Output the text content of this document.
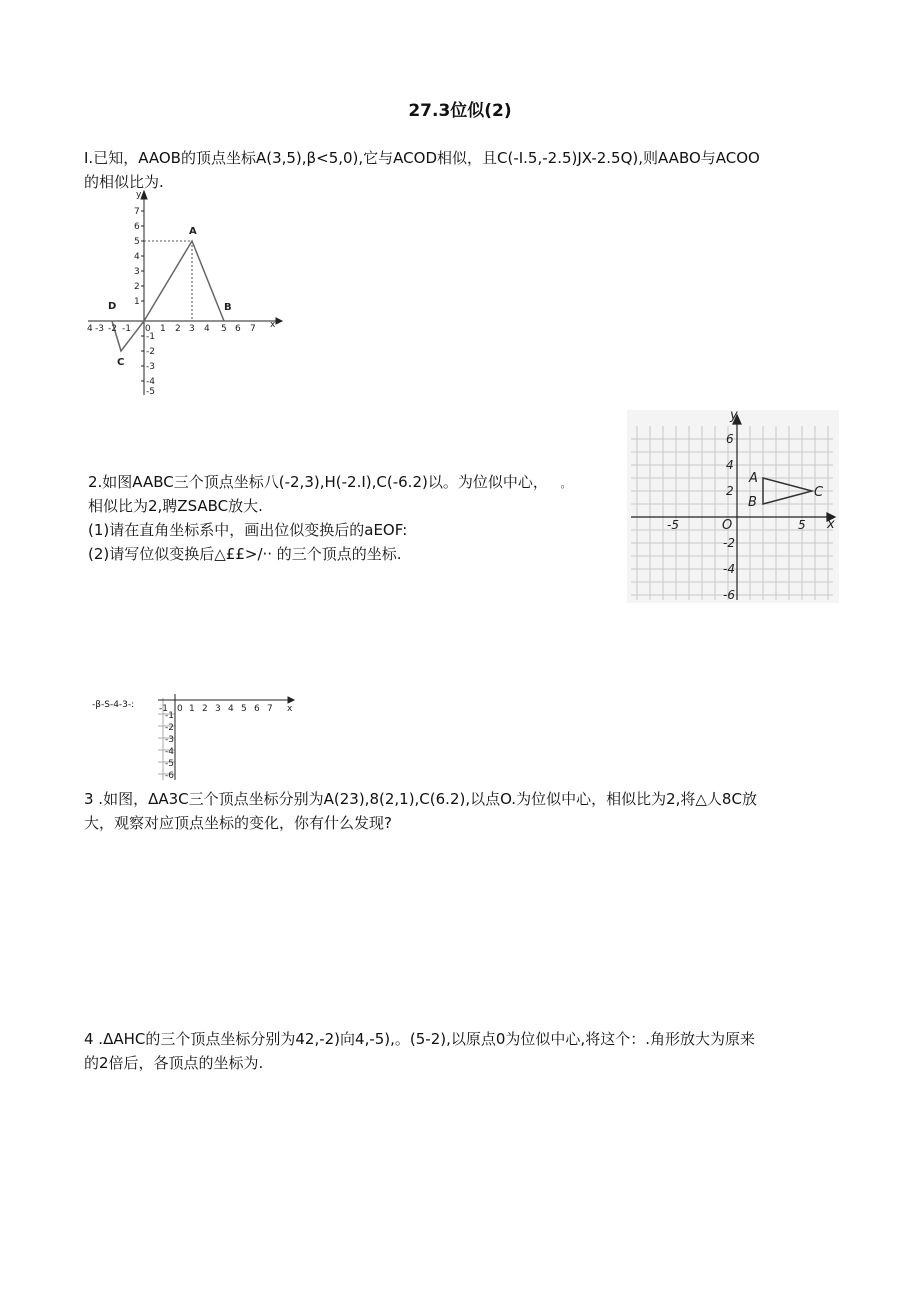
27.3位似(2)
I.已知，AAOB的顶点坐标A(3,5),β<5,0),它与ACOD相似，且C(-I.5,-2.5)JX-2.5Q),则AABO与ACOO
的相似比为.
y
x
7
6
5
4
3
2
1
-1
-2
-3
-4
-5
4 -3 -2 -1 0 1 2 3 4 5 6 7
A
B
C
D
2.如图AABC三个顶点坐标八(-2,3),H(-2.I),C(-6.2)以。为位似中心， 。
相似比为2,聘ZSABC放大.
(1)请在直角坐标系中，画出位似变换后的aEOF:
(2)请写位似变换后△££>/·· 的三个顶点的坐标.
y
x
O
A
B
C
6
4
2
-2
-4
-6
-5	5
-β-S-4-3-:	-1 0 1 2 3 4 5 6 7 x
-1
-2
-3
-4
-5
-6
3 .如图，ΔA3C三个顶点坐标分别为A(23),8(2,1),C(6.2),以点O.为位似中心，相似比为2,将△人8C放
大，观察对应顶点坐标的变化，你有什么发现?
4 .ΔAHC的三个顶点坐标分别为42,-2)向4,-5),。(5-2),以原点0为位似中心,将这个：.角形放大为原来
的2倍后，各顶点的坐标为.
